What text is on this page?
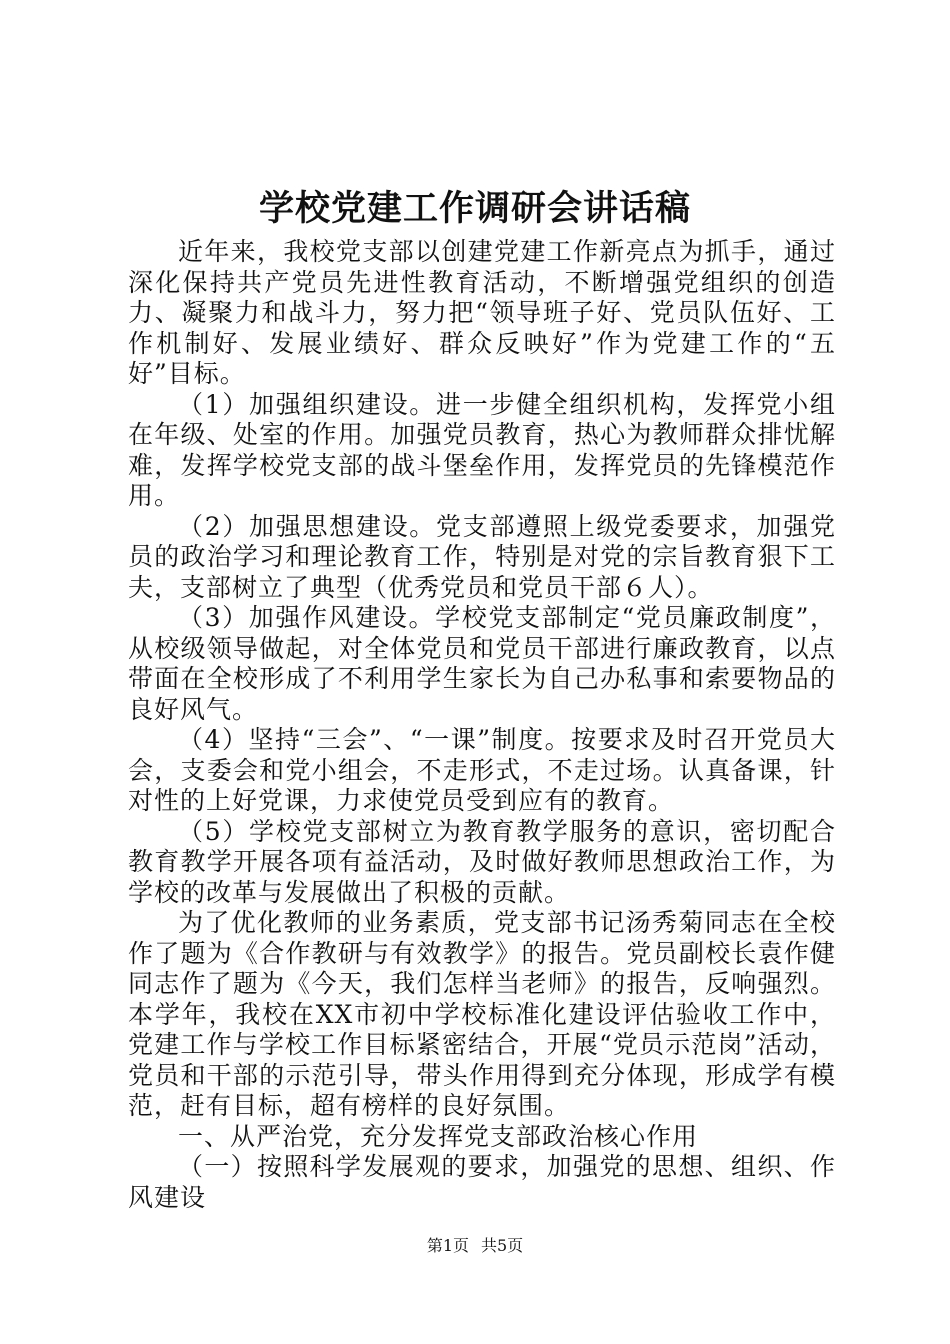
学校党建工作调研会讲话稿

近年来，我校党支部以创建党建工作新亮点为抓手，通过深化保持共产党员先进性教育活动，不断增强党组织的创造力、凝聚力和战斗力，努力把“领导班子好、党员队伍好、工作机制好、发展业绩好、群众反映好”作为党建工作的“五好”目标。

（1）加强组织建设。进一步健全组织机构，发挥党小组在年级、处室的作用。加强党员教育，热心为教师群众排忧解难，发挥学校党支部的战斗堡垒作用，发挥党员的先锋模范作用。

（2）加强思想建设。党支部遵照上级党委要求，加强党员的政治学习和理论教育工作，特别是对党的宗旨教育狠下工夫，支部树立了典型（优秀党员和党员干部６人）。

（3）加强作风建设。学校党支部制定“党员廉政制度”，从校级领导做起，对全体党员和党员干部进行廉政教育，以点带面在全校形成了不利用学生家长为自己办私事和索要物品的良好风气。

（4）坚持“三会”、“一课”制度。按要求及时召开党员大会，支委会和党小组会，不走形式，不走过场。认真备课，针对性的上好党课，力求使党员受到应有的教育。

（5）学校党支部树立为教育教学服务的意识，密切配合教育教学开展各项有益活动，及时做好教师思想政治工作，为学校的改革与发展做出了积极的贡献。

为了优化教师的业务素质，党支部书记汤秀菊同志在全校作了题为《合作教研与有效教学》的报告。党员副校长袁作健同志作了题为《今天，我们怎样当老师》的报告，反响强烈。本学年，我校在XX市初中学校标准化建设评估验收工作中，党建工作与学校工作目标紧密结合，开展“党员示范岗”活动，党员和干部的示范引导，带头作用得到充分体现，形成学有模范，赶有目标，超有榜样的良好氛围。

一、从严治党，充分发挥党支部政治核心作用

（一）按照科学发展观的要求，加强党的思想、组织、作风建设

第1页 共5页
